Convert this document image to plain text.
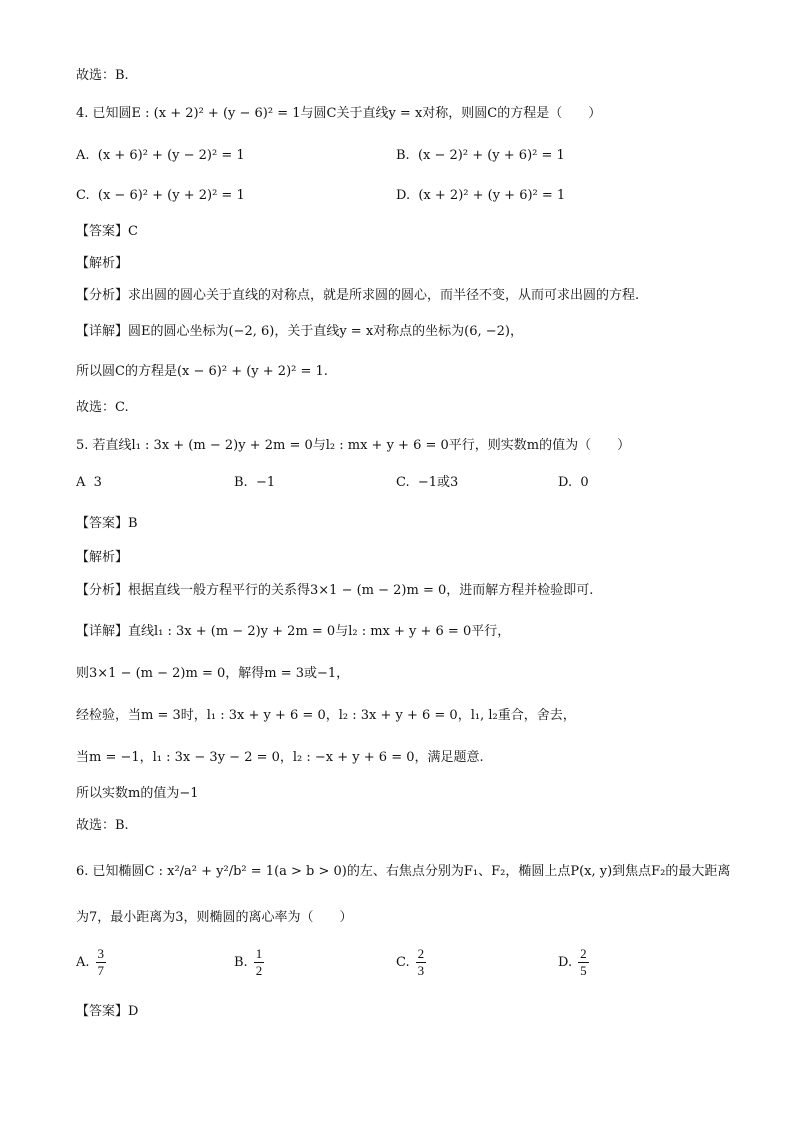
故选：B.
4. 已知圆E : (x + 2)² + (y − 6)² = 1与圆C关于直线y = x对称，则圆C的方程是（　　）
A. (x + 6)² + (y − 2)² = 1	B. (x − 2)² + (y + 6)² = 1
C. (x − 6)² + (y + 2)² = 1	D. (x + 2)² + (y + 6)² = 1
【答案】C
【解析】
【分析】求出圆的圆心关于直线的对称点，就是所求圆的圆心，而半径不变，从而可求出圆的方程.
【详解】圆E的圆心坐标为(−2, 6)，关于直线y = x对称点的坐标为(6, −2)，
所以圆C的方程是(x − 6)² + (y + 2)² = 1.
故选：C.
5. 若直线l₁ : 3x + (m − 2)y + 2m = 0与l₂ : mx + y + 6 = 0平行，则实数m的值为（　　）
A 3	B. −1	C. −1或3	D. 0
【答案】B
【解析】
【分析】根据直线一般方程平行的关系得3×1 − (m − 2)m = 0，进而解方程并检验即可.
【详解】直线l₁ : 3x + (m − 2)y + 2m = 0与l₂ : mx + y + 6 = 0平行，
则3×1 − (m − 2)m = 0，解得m = 3或−1，
经检验，当m = 3时，l₁ : 3x + y + 6 = 0，l₂ : 3x + y + 6 = 0，l₁, l₂重合，舍去，
当m = −1，l₁ : 3x − 3y − 2 = 0，l₂ : −x + y + 6 = 0，满足题意.
所以实数m的值为−1
故选：B.
6. 已知椭圆C : x²/a² + y²/b² = 1(a > b > 0)的左、右焦点分别为F₁、F₂，椭圆上点P(x, y)到焦点F₂的最大距离
为7，最小距离为3，则椭圆的离心率为（　　）
A. $\frac{3}{7}$	B. $\frac{1}{2}$	C. $\frac{2}{3}$	D. $\frac{2}{5}$
【答案】D
